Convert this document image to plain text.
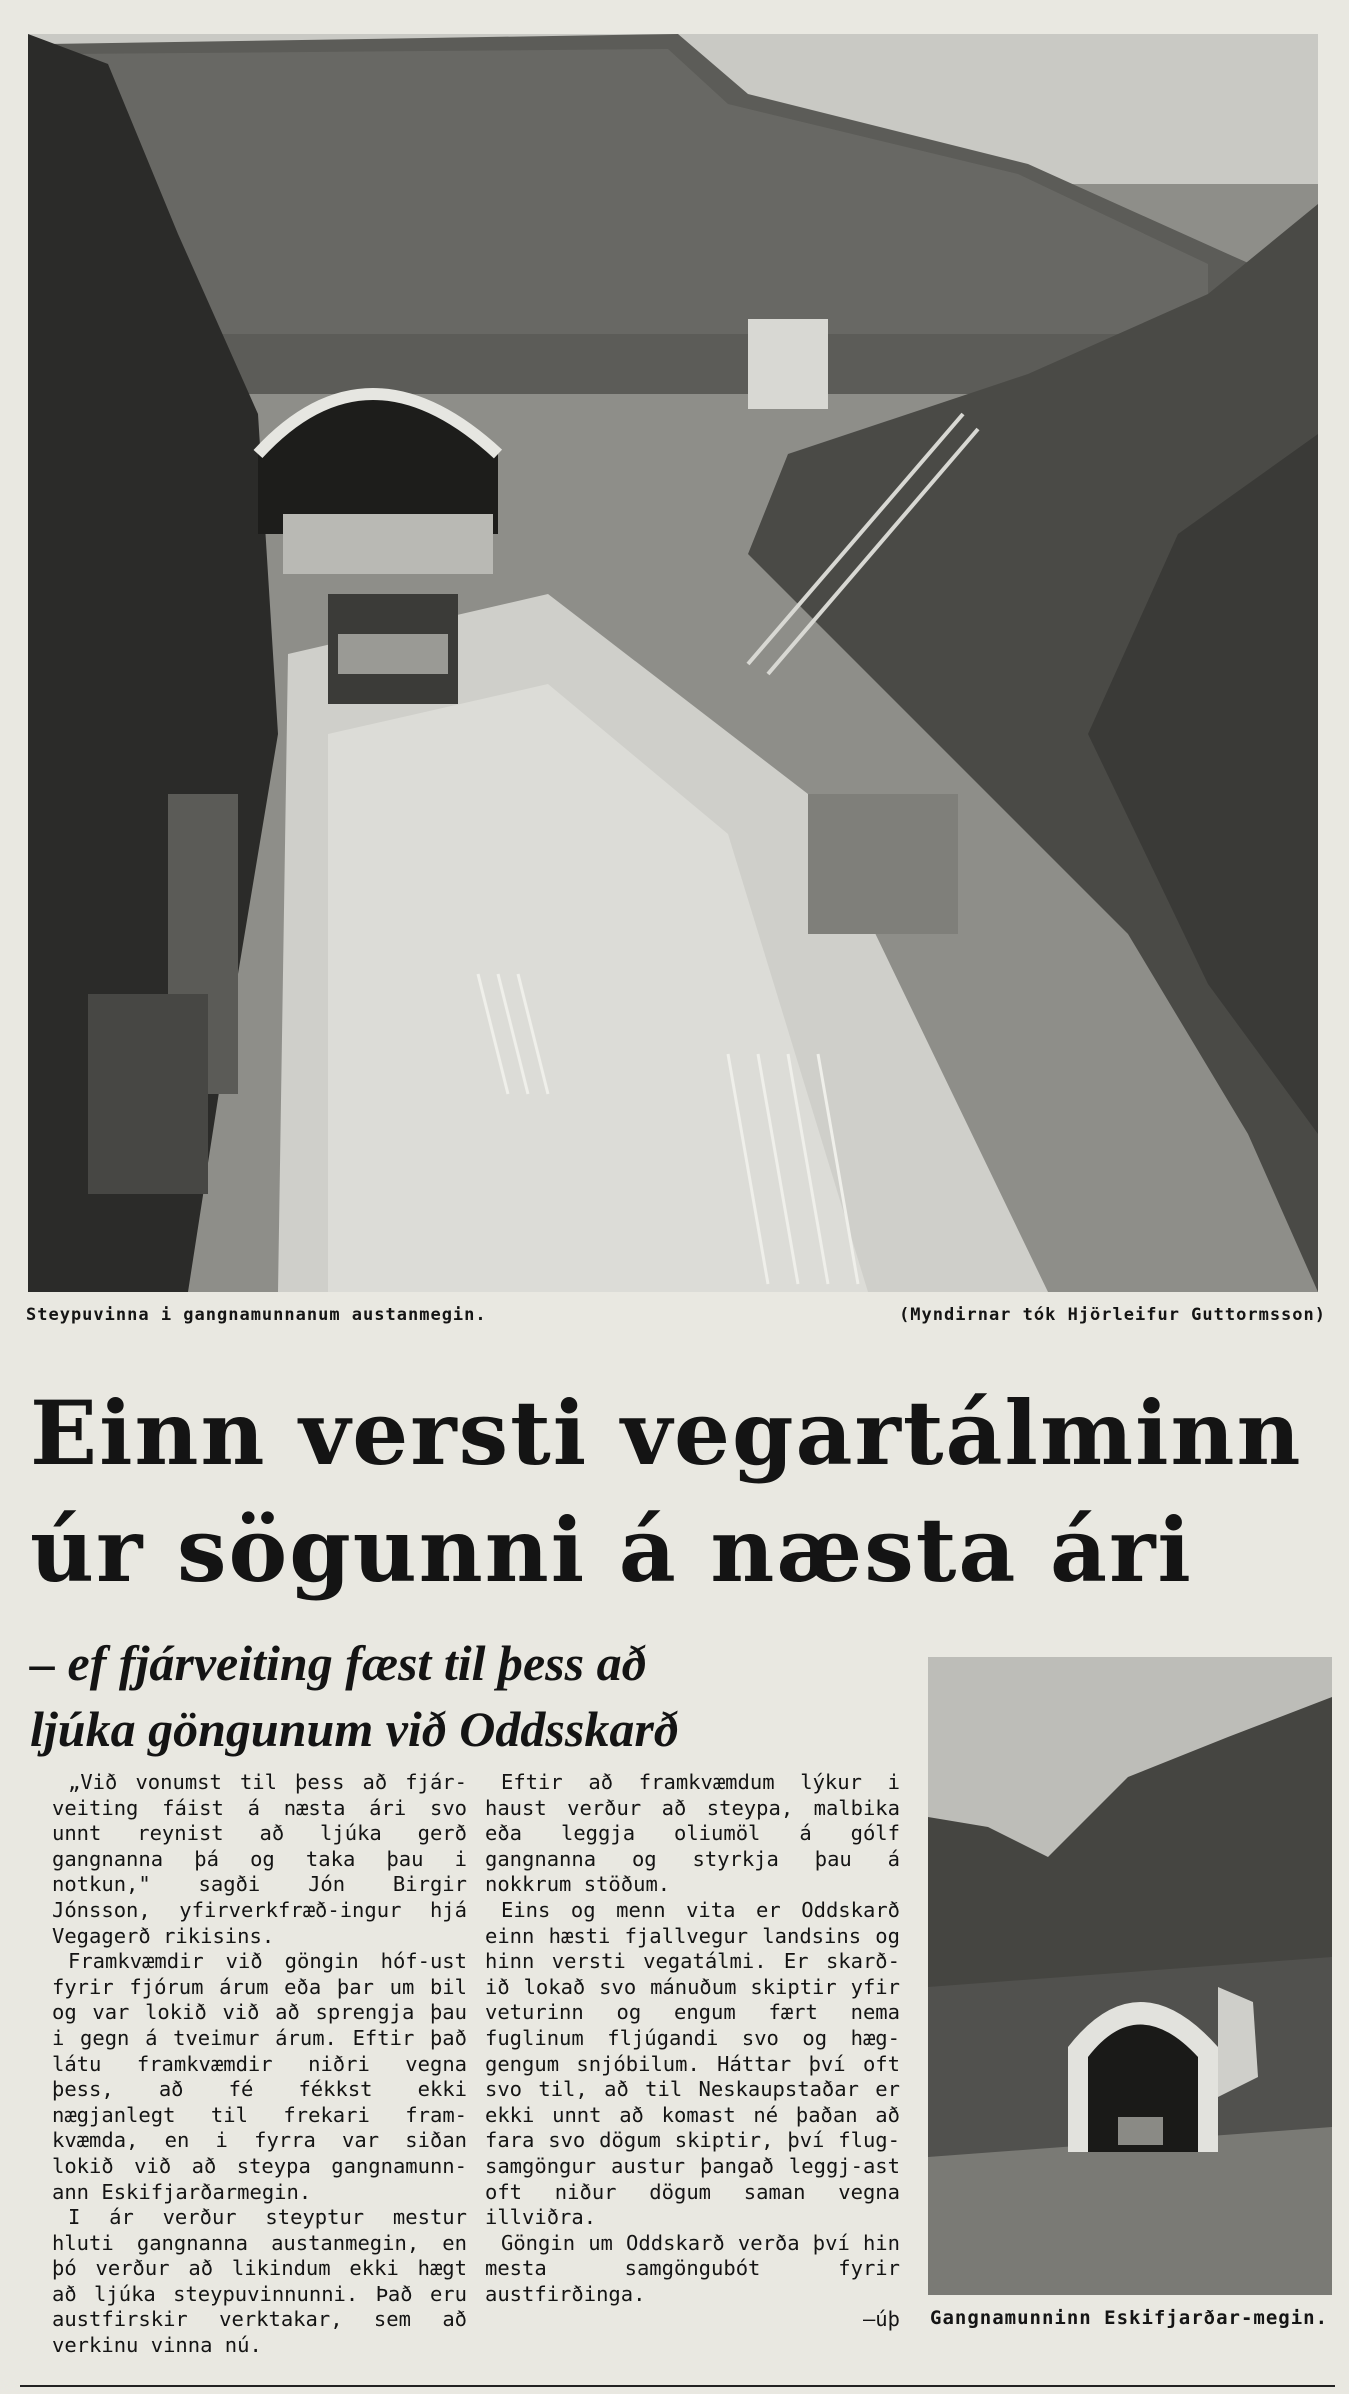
Steypuvinna i gangnamunnanum austanmegin.	(Myndirnar tók Hjörleifur Guttormsson)
Einn versti vegartálminn
úr sögunni á næsta ári
– ef fjárveiting fæst til þess að
ljúka göngunum við Oddsskarð

„Við vonumst til þess að fjár-veiting fáist á næsta ári svo unnt reynist að ljúka gerð gangnanna þá og taka þau i notkun," sagði Jón Birgir Jónsson, yfirverkfræð-ingur hjá Vegagerð rikisins.

Framkvæmdir við göngin hóf-ust fyrir fjórum árum eða þar um bil og var lokið við að sprengja þau i gegn á tveimur árum. Eftir það látu framkvæmdir niðri vegna þess, að fé fékkst ekki nægjanlegt til frekari fram-kvæmda, en i fyrra var siðan lokið við að steypa gangnamunn-ann Eskifjarðarmegin.

I ár verður steyptur mestur hluti gangnanna austanmegin, en þó verður að likindum ekki hægt að ljúka steypuvinnunni. Það eru austfirskir verktakar, sem að verkinu vinna nú.

Eftir að framkvæmdum lýkur i haust verður að steypa, malbika eða leggja oliumöl á gólf gangnanna og styrkja þau á nokkrum stöðum.

Eins og menn vita er Oddskarð einn hæsti fjallvegur landsins og hinn versti vegatálmi. Er skarð-ið lokað svo mánuðum skiptir yfir veturinn og engum fært nema fuglinum fljúgandi svo og hæg-gengum snjóbilum. Háttar því oft svo til, að til Neskaupstaðar er ekki unnt að komast né þaðan að fara svo dögum skiptir, því flug-samgöngur austur þangað leggj-ast oft niður dögum saman vegna illviðra.

Göngin um Oddskarð verða því hin mesta samgöngubót fyrir austfirðinga.

—úþ Gangnamunninn Eskifjarðar-megin.
